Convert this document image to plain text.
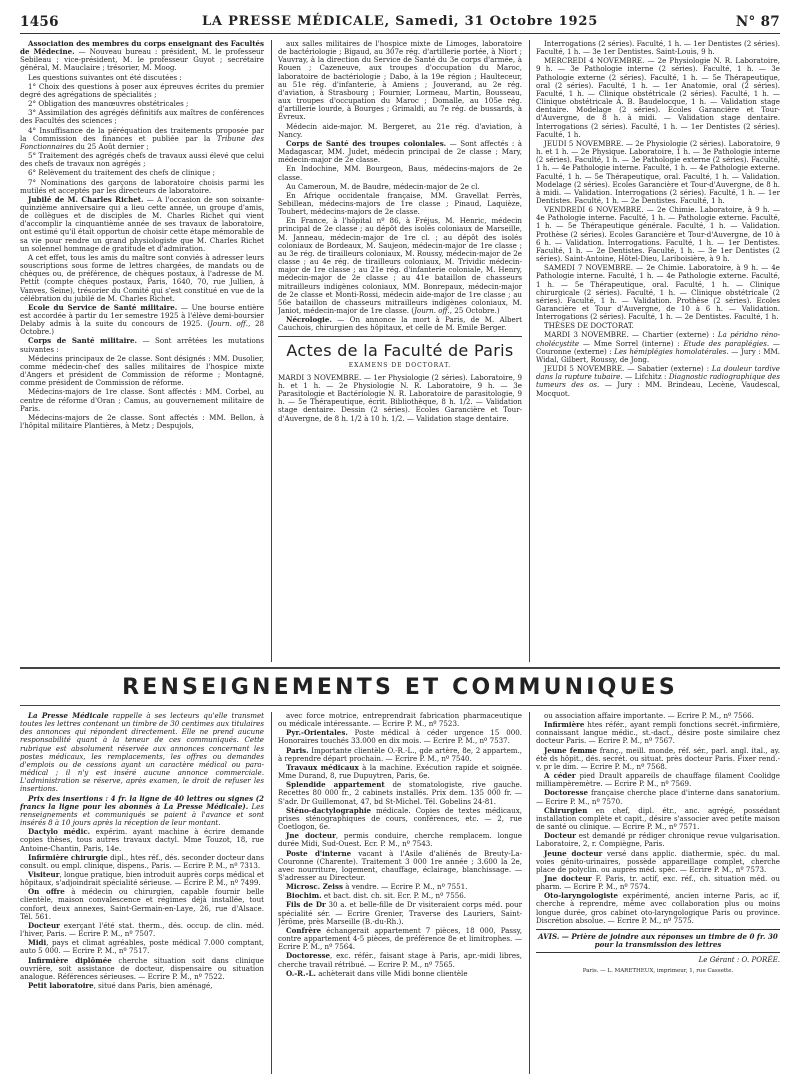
1456	LA PRESSE MÉDICALE, Samedi, 31 Octobre 1925	N° 87

Association des membres du corps enseignant des Facultés de Médecine. — Nouveau bureau : président, M. le professeur Sebileau ; vice-président, M. le professeur Guyot ; secrétaire général, M. Mauclaire ; trésorier, M. Moog.

Les questions suivantes ont été discutées :

1° Choix des questions à poser aux épreuves écrites du premier degré des agrégations de spécialités ;

2° Obligation des manœuvres obstétricales ;

3° Assimilation des agrégés définitifs aux maîtres de conférences des Facultés des sciences ;

4° Insuffisance de la péréquation des traitements proposée par la Commission des finances et publiée par la Tribune des Fonctionnaires du 25 Août dernier ;

5° Traitement des agrégés chefs de travaux aussi élevé que celui des chefs de travaux non agrégés ;

6° Relèvement du traitement des chefs de clinique ;

7° Nominations des garçons de laboratoire choisis parmi les mutilés et acceptés par les directeurs de laboratoire.

Jubilé de M. Charles Richet. — A l'occasion de son soixante-quinzième anniversaire qui a lieu cette année, un groupe d'amis, de collègues et de disciples de M. Charles Richet qui vient d'accomplir la cinquantième année de ses travaux de laboratoire, ont estimé qu'il était opportun de choisir cette étape mémorable de sa vie pour rendre un grand physiologiste que M. Charles Richet un solennel hommage de gratitude et d'admiration.

A cet effet, tous les amis du maître sont conviés à adresser leurs souscriptions sous forme de lettres chargées, de mandats ou de chèques ou, de préférence, de chèques postaux, à l'adresse de M. Pettit (compte chèques postaux, Paris, 1640, 70, rue Jullien, à Vanves, Seine), trésorier du Comité qui s'est constitué en vue de la célébration du jubilé de M. Charles Richet.

Ecole du Service de Santé militaire. — Une bourse entière est accordée à partir du 1er semestre 1925 à l'élève demi-boursier Delaby admis à la suite du concours de 1925. (Journ. off., 28 Octobre.)

Corps de Santé militaire. — Sont arrêtées les mutations suivantes :

Médecins principaux de 2e classe. Sont désignés : MM. Dusolier, comme médecin-chef des salles militaires de l'hospice mixte d'Angers et président de Commission de réforme ; Montagné, comme président de Commission de réforme.

Médecins-majors de 1re classe. Sont affectés : MM. Corbel, au centre de réforme d'Oran ; Camus, au gouvernement militaire de Paris.

Médecins-majors de 2e classe. Sont affectés : MM. Bellon, à l'hôpital militaire Plantières, à Metz ; Despujols,

aux salles militaires de l'hospice mixte de Limoges, laboratoire de bactériologie ; Bigaud, au 307e rég. d'artillerie portée, à Niort ; Vauvray, à la direction du Service de Santé du 3e corps d'armée, à Rouen ; Cazeneuve, aux troupes d'occupation du Maroc, laboratoire de bactériologie ; Dabo, à la 19e région ; Haulteceur, au 51e rég. d'infanterie, à Amiens ; Jouverand, au 2e rég. d'aviation, à Strasbourg ; Fournier, Lormeau, Martin, Bousseau, aux troupes d'occupation du Maroc ; Domalle, au 105e rég. d'artillerie lourde, à Bourges ; Grimaldi, au 7e rég. de bussards, à Évreux.

Médecin aide-major. M. Bergeret, au 21e rég. d'aviation, à Nancy.

Corps de Santé des troupes coloniales. — Sont affectés : à Madagascar, MM. Judet, médecin principal de 2e classe ; Mary, médecin-major de 2e classe.

En Indochine, MM. Bourgeon, Baus, médecins-majors de 2e classe.

Au Cameroun, M. de Baudre, médecin-major de 2e cl.

En Afrique occidentale française, MM. Gravellat Ferrès, Sebillean, médecins-majors de 1re classe ; Pinaud, Laquièze, Toubert, médecins-majors de 2e classe.

En France, à l'hôpital nº 86, à Fréjus, M. Henric, médecin principal de 2e classe ; au dépôt des isolés coloniaux de Marseille, M. Janneau, médecin-major de 1re cl. ; au dépôt des isolés coloniaux de Bordeaux, M. Saujeon, médecin-major de 1re classe ; au 3e rég. de tirailleurs coloniaux, M. Roussy, médecin-major de 2e classe ; au 4e rég. de tirailleurs coloniaux, M. Trividic médecin-major de 1re classe ; au 21e rég. d'infanterie coloniale, M. Henry, médecin-major de 2e classe ; au 41e bataillon de chasseurs mitrailleurs indigènes coloniaux, MM. Bonrepaux, médecin-major de 2e classe et Monti-Rossi, médecin aide-major de 1re classe ; au 56e bataillon de chasseurs mitrailleurs indigènes coloniaux, M. Janiot, médecin-major de 1re classe. (Journ. off., 25 Octobre.)

Nécrologie. — On annonce la mort à Paris, de M. Albert Cauchois, chirurgien des hôpitaux, et celle de M. Emile Berger.

Actes de la Faculté de Paris
EXAMENS DE DOCTORAT.

MARDI 3 NOVEMBRE. — 1er Physiologie (2 séries). Laboratoire, 9 h. et 1 h. — 2e Physiologie N. R. Laboratoire, 9 h. — 3e Parasitologie et Bactériologie N. R. Laboratoire de parasitologie, 9 h. — 5e Thérapeutique, écrit. Bibliothèque, 8 h. 1/2. — Validation stage dentaire. Dessin (2 séries). Ecoles Garancière et Tour-d'Auvergne, de 8 h. 1/2 à 10 h. 1/2. — Validation stage dentaire.

Interrogations (2 séries). Faculté, 1 h. — 1er Dentistes (2 séries). Faculté, 1 h. — 3e 1er Dentistes. Saint-Louis, 9 h.

MERCREDI 4 NOVEMBRE. — 2e Physiologie N. R. Laboratoire, 9 h. — 3e Pathologie interne (2 séries). Faculté, 1 h. — 3e Pathologie externe (2 séries). Faculté, 1 h. — 5e Thérapeutique, oral (2 séries). Faculté, 1 h. — 1er Anatomie, oral (2 séries). Faculté, 1 h. — Clinique obstétricale (2 séries). Faculté, 1 h. — Clinique obstétricale A. B. Baudelocque, 1 h. — Validation stage dentaire. Modelage (2 séries). Ecoles Garancière et Tour-d'Auvergne, de 8 h. à midi. — Validation stage dentaire. Interrogations (2 séries). Faculté, 1 h. — 1er Dentistes (2 séries). Faculté, 1 h.

JEUDI 5 NOVEMBRE. — 2e Physiologie (2 séries). Laboratoire, 9 h. et 1 h. — 2e Physique. Laboratoire, 1 h. — 3e Pathologie interne (2 séries). Faculté, 1 h. — 3e Pathologie externe (2 séries). Faculté, 1 h. — 4e Pathologie interne. Faculté, 1 h. — 4e Pathologie externe. Faculté, 1 h. — 5e Thérapeutique, oral. Faculté, 1 h. — Validation. Modelage (2 séries). Ecoles Garancière et Tour-d'Auvergne, de 8 h. à midi. — Validation. Interrogations (2 séries). Faculté, 1 h. — 1er Dentistes. Faculté, 1 h. — 2e Dentistes. Faculté, 1 h.

VENDREDI 6 NOVEMBRE. — 2e Chimie. Laboratoire, à 9 h. — 4e Pathologie interne. Faculté, 1 h. — Pathologie externe. Faculté, 1 h. — 5e Thérapeutique générale. Faculté, 1 h. — Validation. Prothèse (2 séries). Ecoles Garancière et Tour-d'Auvergne, de 10 à 6 h. — Validation. Interrogations. Faculté, 1 h. — 1er Dentistes. Faculté, 1 h. — 2e Dentistes. Faculté, 1 h. — 3e 1er Dentistes (2 séries). Saint-Antoine, Hôtel-Dieu, Lariboisière, à 9 h.

SAMEDI 7 NOVEMBRE. — 2e Chimie. Laboratoire, à 9 h. — 4e Pathologie interne. Faculté, 1 h. — 4e Pathologie externe. Faculté, 1 h. — 5e Thérapeutique, oral. Faculté, 1 h. — Clinique chirurgicale (2 séries). Faculté, 1 h. — Clinique obstétricale (2 séries). Faculté, 1 h. — Validation. Prothèse (2 séries). Ecoles Garancière et Tour d'Auvergne, de 10 à 6 h. — Validation. Interrogations (2 séries). Faculté, 1 h. — 2e Dentistes. Faculté, 1 h.

THÈSES DE DOCTORAT.

MARDI 3 NOVEMBRE. — Chartier (externe) : La péridno réno-cholécystite — Mme Sorrel (interne) : Etude des paraplégies. — Couronne (externe) : Les hémiplégies homolatérales. — Jury : MM. Widal, Gilbert, Roussy, de Jong.

JEUDI 5 NOVEMBRE. — Sabatier (externe) : La douleur tardive dans la rupture tubaire. — Lifchitz : Diagnostic radiographique des tumeurs des os. — Jury : MM. Brindeau, Lecène, Vaudescal, Mocquot.

RENSEIGNEMENTS ET COMMUNIQUES

La Presse Médicale rappelle à ses lecteurs qu'elle transmet toutes les lettres contenant un timbre de 30 centimes aux titulaires des annonces qui répondent directement. Elle ne prend aucune responsabilité quant à la teneur de ces communiqués. Cette rubrique est absolument réservée aux annonces concernant les postes médicaux, les remplacements, les offres ou demandes d'emplois ou de cessions ayant un caractère médical ou para-médical ; il n'y est inséré aucune annonce commerciale. L'administration se réserve, après examen, le droit de refuser les insertions.

Prix des insertions : 4 fr. la ligne de 40 lettres ou signes (2 francs la ligne pour les abonnés à La Presse Médicale). Les renseignements et communiqués se paient à l'avance et sont insérés 8 à 10 jours après la réception de leur montant.

Dactylo médic. expérim. ayant machine à écrire demande copies thèses, tous autres travaux dactyl. Mme Touzot, 18, rue Antoine-Chantin, Paris, 14e.

Infirmière chirurgie dipl., htes réf., dés. seconder docteur dans consult. ou empl. clinique, dispens., Paris. — Ecrire P. M., nº 7313.

Visiteur, longue pratique, bien introduit auprès corps médical et hôpitaux, s'adjoindrait spécialité sérieuse. — Ecrire P. M., nº 7499.

On offre à médecin ou chirurgien, capable fournir belle clientèle, maison convalescence et régimes déjà installée, tout confort, deux annexes, Saint-Germain-en-Laye, 26, rue d'Alsace. Tél. 561.

Docteur exerçant l'été stat. therm., dés. occup. de clin. méd. l'hiver, Paris. — Ecrire P. M., nº 7507.

Midi, pays et climat agréables, poste médical 7.000 comptant, auto 5 000. — Ecrire P. M., nº 7517.

Infirmière diplômée cherche situation soit dans clinique ouvrière, soit assistance de docteur, dispensaire ou situation analogue. Références sérieuses. — Ecrire P. M., nº 7522.

Petit laboratoire, situé dans Paris, bien aménagé,

avec force motrice, entreprendrait fabrication pharmaceutique ou médicale intéressante. — Ecrire P. M., nº 7523.

Pyr.-Orientales. Poste médical à céder urgence 15 000. Honoraires touchés 33.000 en dix mois. — Ecrire P. M., nº 7537.

Paris. Importante clientèle O.-R.-L., gde artère, 8e, 2 appartem., à reprendre départ prochain. — Ecrire P. M., nº 7540.

Travaux médicaux à la machine. Exécution rapide et soignée. Mme Durand, 8, rue Dupuytren, Paris, 6e.

Splendide appartement de stomatologiste, rive gauche. Recettes 80 000 fr., 2 cabinets installés. Prix dem. 135 000 fr. — S'adr. Dr Guillemonat, 47, bd St-Michel. Tél. Gobelins 24-81.

Sténo-dactylographie médicale. Copies de textes médicaux, prises sténographiques de cours, conférences, etc. — 2, rue Coetlogon, 6e.

Jne docteur, permis conduire, cherche remplacem. longue durée Midi, Sud-Ouest. Ecr. P. M., nº 7543.

Poste d'interne vacant à l'Asile d'aliénés de Breuty-La-Couronne (Charente). Traitement 3 000 1re année ; 3.600 la 2e, avec nourriture, logement, chauffage, éclairage, blanchissage. — S'adresser au Directeur.

Microsc. Zeiss à vendre. — Ecrire P. M., nº 7551.

Biochim. et bact. dist. ch. sit. Ecr. P. M., nº 7556.

Fils de Dr 30 a. et belle-fille de Dr visiteraient corps méd. pour spécialité sér. — Ecrire Grenier, Traverse des Lauriers, Saint-Jérôme, près Marseille (B.-du-Rh.).

Confrère échangerait appartement 7 pièces, 18 000, Passy, contre appartement 4-5 pièces, de préférence 8e et limitrophes. — Ecrire P. M., nº 7564.

Doctoresse, exc. référ., faisant stage à Paris, apr.-midi libres, cherche travail rétribué. — Ecrire P. M., nº 7565.

O.-R.-L. achèterait dans ville Midi bonne clientèle

ou association affaire importante. — Ecrire P. M., nº 7566.

Infirmière htes référ., ayant rempli fonctions secrét.-infirmière, connaissant langue médic., st.-dact., désire poste similaire chez docteur Paris. — Ecrire P. M., nº 7567.

Jeune femme franç., meill. monde, réf. sér., parl. angl. ital., ay. été ds hôpit., dés. secrét. ou situat. près docteur Paris. Fixer rend.-v. pr le dim. — Ecrire P. M., nº 7568.

A céder pied Drault appareils de chauffage filament Coolidge milliampèremètre. — Ecrire P. M., nº 7569.

Doctoresse française cherche place d'interne dans sanatorium. — Ecrire P. M., nº 7570.

Chirurgien en chef, dipl. étr., anc. agrégé, possédant installation complète et capit., désire s'associer avec petite maison de santé ou clinique. — Ecrire P. M., nº 7571.

Docteur est demandé pr rédiger chronique revue vulgarisation. Laboratoire, 2, r. Compiègne, Paris.

Jeune docteur versé dans applic. diathermie, spéc. du mal. voies génito-urinaires, possède appareillage complet, cherche place de polyclin. ou auprès méd. spéc. — Ecrire P. M., nº 7573.

Jne docteur F. Paris, tr. actif, exc. réf., ch. situation méd. ou pharm. — Ecrire P. M., nº 7574.

Oto-laryngologiste expérimenté, ancien interne Paris, ac if, cherche à reprendre, même avec collaboration plus ou moins longue durée, gros cabinet oto-laryngologique Paris ou province. Discrétion absolue. — Ecrire P. M., nº 7575.

AVIS. — Prière de joindre aux réponses un timbre de 0 fr. 30 pour la transmission des lettres
Le Gérant : O. PORÉE.
Paris. — L. MARETHEUX, imprimeur, 1, rue Cassette.
